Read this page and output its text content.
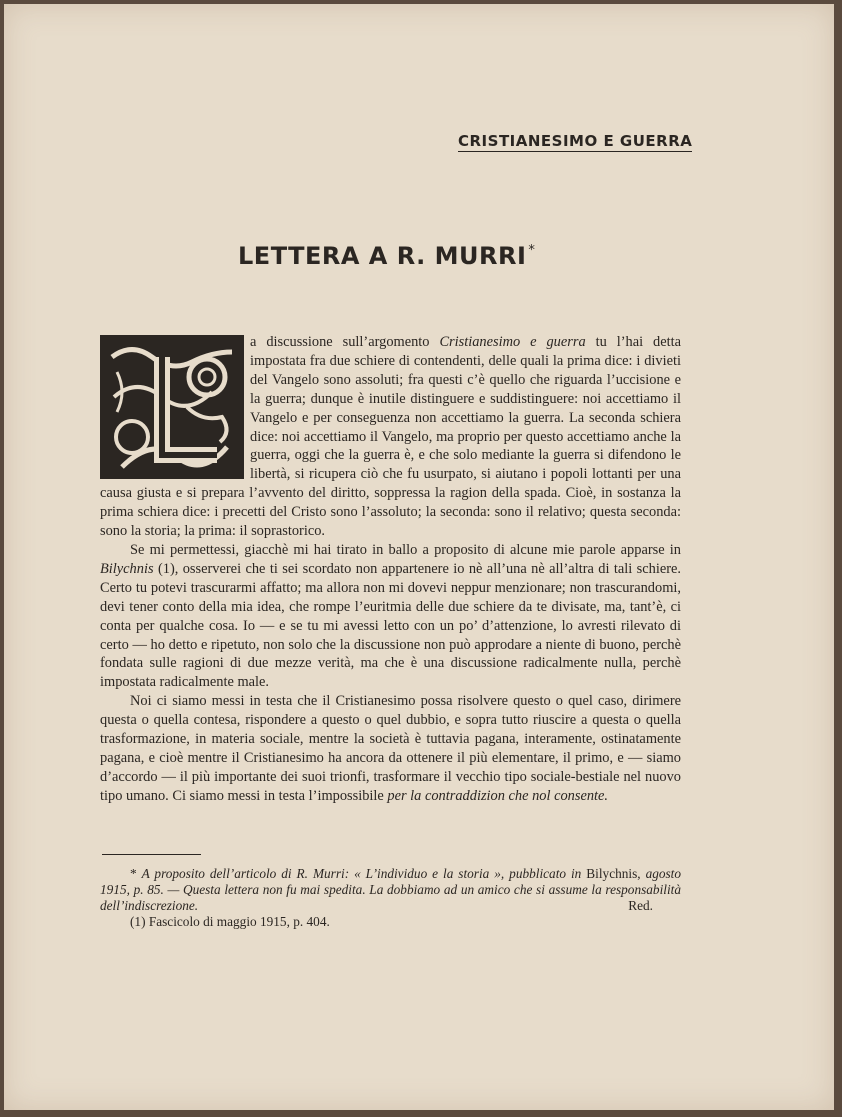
CRISTIANESIMO E GUERRA
LETTERA A R. MURRI *

a discussione sull’argomento Cristianesimo e guerra tu l’hai detta impostata fra due schiere di contendenti, delle quali la prima dice: i divieti del Vangelo sono assoluti; fra questi c’è quello che riguarda l’uccisione e la guerra; dunque è inutile distinguere e suddistinguere: noi accettiamo il Vangelo e per conseguenza non accettiamo la guerra. La seconda schiera dice: noi accettiamo il Vangelo, ma proprio per questo accettiamo anche la guerra, oggi che la guerra è, e che solo mediante la guerra si difendono le libertà, si ricupera ciò che fu usurpato, si aiutano i popoli lottanti per una causa giusta e si prepara l’avvento del diritto, soppressa la ragion della spada. Cioè, in sostanza la prima schiera dice: i precetti del Cristo sono l’assoluto; la seconda: sono il relativo; questa seconda: sono la storia; la prima: il soprastorico.

Se mi permettessi, giacchè mi hai tirato in ballo a proposito di alcune mie parole apparse in Bilychnis (1), osserverei che ti sei scordato non appartenere io nè all’una nè all’altra di tali schiere. Certo tu potevi trascurarmi affatto; ma allora non mi dovevi neppur menzionare; non trascurandomi, devi tener conto della mia idea, che rompe l’euritmia delle due schiere da te divisate, ma, tant’è, ci conta per qualche cosa. Io — e se tu mi avessi letto con un po’ d’attenzione, lo avresti rilevato di certo — ho detto e ripetuto, non solo che la discussione non può approdare a niente di buono, perchè fondata sulle ragioni di due mezze verità, ma che è una discussione radicalmente nulla, perchè impostata radicalmente male.

Noi ci siamo messi in testa che il Cristianesimo possa risolvere questo o quel caso, dirimere questa o quella contesa, rispondere a questo o quel dubbio, e sopra tutto riuscire a questa o quella trasformazione, in materia sociale, mentre la società è tuttavia pagana, interamente, ostinatamente pagana, e cioè mentre il Cristianesimo ha ancora da ottenere il più elementare, il primo, e — siamo d’accordo — il più importante dei suoi trionfi, trasformare il vecchio tipo sociale-bestiale nel nuovo tipo umano. Ci siamo messi in testa l’impossibile per la contraddizion che nol consente.

* A proposito dell’articolo di R. Murri: « L’individuo e la storia », pubblicato in Bilychnis, agosto 1915, p. 85. — Questa lettera non fu mai spedita. La dobbiamo ad un amico che si assume la responsabilità dell’indiscrezione.	Red.
(1) Fascicolo di maggio 1915, p. 404.
